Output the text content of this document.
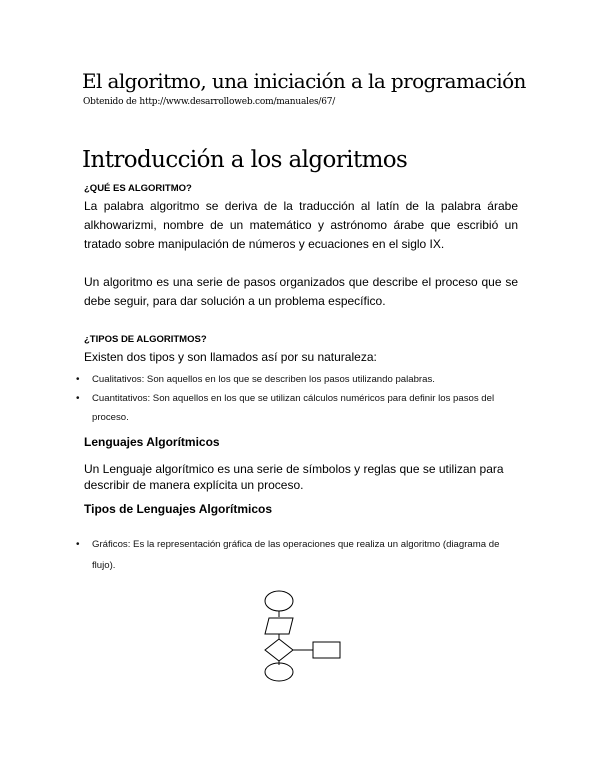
El algoritmo, una iniciación a la programación
Obtenido de http://www.desarrolloweb.com/manuales/67/
Introducción a los algoritmos
¿QUÉ ES ALGORITMO?
La palabra algoritmo se deriva de la traducción al latín de la palabra árabe alkhowarizmi, nombre de un matemático y astrónomo árabe que escribió un tratado sobre manipulación de números y ecuaciones en el siglo IX.
Un algoritmo es una serie de pasos organizados que describe el proceso que se debe seguir, para dar solución a un problema específico.
¿TIPOS DE ALGORITMOS?
Existen dos tipos y son llamados así por su naturaleza:
• Cualitativos: Son aquellos en los que se describen los pasos utilizando palabras.
• Cuantitativos: Son aquellos en los que se utilizan cálculos numéricos para definir los pasos del proceso.
Lenguajes Algorítmicos
Un Lenguaje algorítmico es una serie de símbolos y reglas que se utilizan para describir de manera explícita un proceso.
Tipos de Lenguajes Algorítmicos
• Gráficos: Es la representación gráfica de las operaciones que realiza un algoritmo (diagrama de flujo).
